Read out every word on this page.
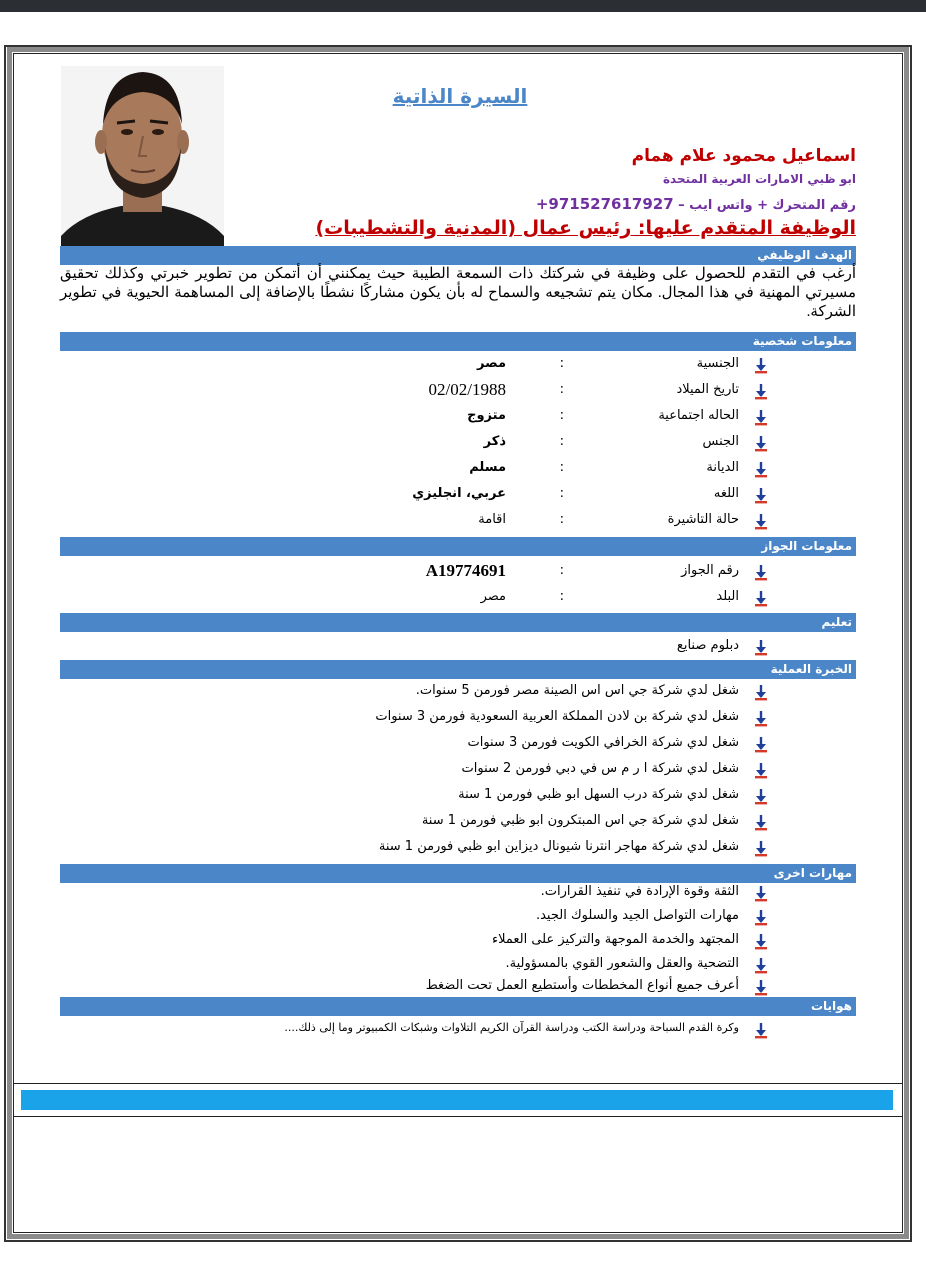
السيرة الذاتية
اسماعيل محمود علام همام
ابو ظبي الامارات العربية المتحدة
رقم المتحرك + واتس ايب – +971527617927
الوظيفة المتقدم عليها: رئيس عمال (المدنية والتشطيبات)
الهدف الوظيفي
أرغب في التقدم للحصول على وظيفة في شركتك ذات السمعة الطيبة حيث يمكنني أن أتمكن من تطوير خبرتي وكذلك تحقيق مسيرتي المهنية في هذا المجال. مكان يتم تشجيعه والسماح له بأن يكون مشاركًا نشطًا بالإضافة إلى المساهمة الحيوية في تطوير الشركة.
معلومات شخصية
الجنسية
:
مصر
تاريخ الميلاد
:
02/02/1988
الحاله اجتماعية
:
متزوج
الجنس
:
ذكر
الديانة
:
مسلم
اللغه
:
عربي، انجليزي
حالة التاشيرة
:
اقامة
معلومات الجواز
رقم الجواز
:
A19774691
البلد
:
مصر
تعليم
دبلوم صنايع
الخبرة العملية
شغل لدي شركة جي اس اس الصينة مصر فورمن 5 سنوات.
شغل لدي شركة بن لادن المملكة العربية السعودية فورمن 3 سنوات
شغل لدي شركة الخرافي الكويت فورمن 3 سنوات
شغل لدي شركة ا ر م س في دبي فورمن 2 سنوات
شغل لدي شركة درب السهل ابو ظبي فورمن 1 سنة
شغل لدي شركة جي اس المبتكرون ابو ظبي فورمن 1 سنة
شغل لدي شركة مهاجر انترنا شيونال ديزاين ابو ظبي فورمن 1 سنة
مهارات اخرى
الثقة وقوة الإرادة في تنفيذ القرارات.
مهارات التواصل الجيد والسلوك الجيد.
المجتهد والخدمة الموجهة والتركيز على العملاء
التضحية والعقل والشعور القوي بالمسؤولية.
أعرف جميع أنواع المخططات وأستطيع العمل تحت الضغط
هوايات
وكرة القدم السباحة ودراسة الكتب ودراسة القرآن الكريم التلاوات وشبكات الكمبيوتر وما إلى ذلك....
